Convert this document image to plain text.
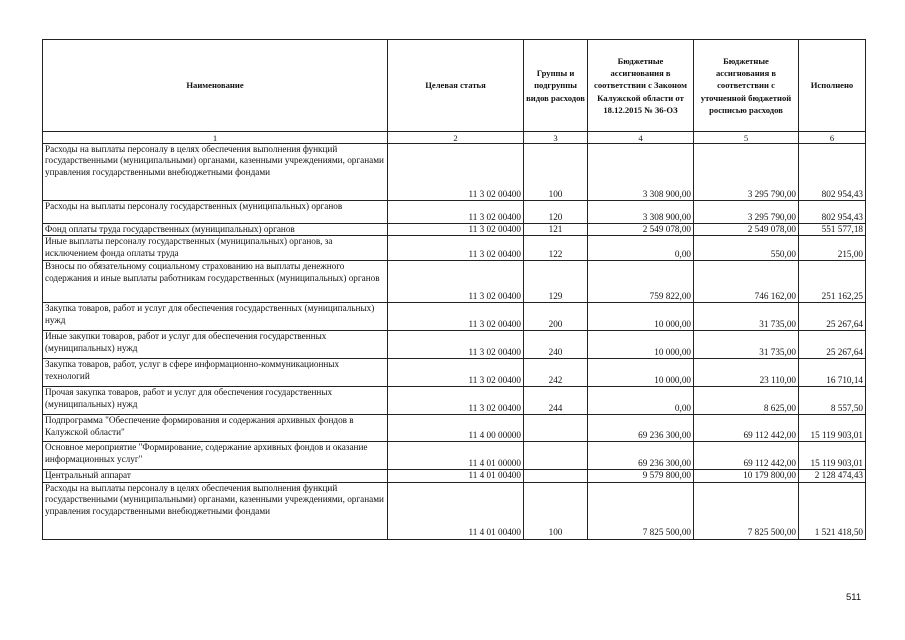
Наименование	Целевая статья	Группы и подгруппы видов расходов	Бюджетные ассигнования в соответствии с Законом Калужской области от 18.12.2015 № 36-ОЗ	Бюджетные ассигнования в соответствии с уточненной бюджетной росписью расходов	Исполнено
1	2	3	4	5	6
Расходы на выплаты персоналу в целях обеспечения выполнения функций государственными (муниципальными) органами, казенными учреждениями, органами управления государственными внебюджетными фондами	11 3 02 00400	100	3 308 900,00	3 295 790,00	802 954,43
Расходы на выплаты персоналу государственных (муниципальных) органов	11 3 02 00400	120	3 308 900,00	3 295 790,00	802 954,43
Фонд оплаты труда государственных (муниципальных) органов	11 3 02 00400	121	2 549 078,00	2 549 078,00	551 577,18
Иные выплаты персоналу государственных (муниципальных) органов, за исключением фонда оплаты труда	11 3 02 00400	122	0,00	550,00	215,00
Взносы по обязательному социальному страхованию на выплаты денежного содержания и иные выплаты работникам государственных (муниципальных) органов	11 3 02 00400	129	759 822,00	746 162,00	251 162,25
Закупка товаров, работ и услуг для обеспечения государственных (муниципальных) нужд	11 3 02 00400	200	10 000,00	31 735,00	25 267,64
Иные закупки товаров, работ и услуг для обеспечения государственных (муниципальных) нужд	11 3 02 00400	240	10 000,00	31 735,00	25 267,64
Закупка товаров, работ, услуг в сфере информационно-коммуникационных технологий	11 3 02 00400	242	10 000,00	23 110,00	16 710,14
Прочая закупка товаров, работ и услуг для обеспечения государственных (муниципальных) нужд	11 3 02 00400	244	0,00	8 625,00	8 557,50
Подпрограмма "Обеспечение формирования и содержания архивных фондов в Калужской области"	11 4 00 00000		69 236 300,00	69 112 442,00	15 119 903,01
Основное мероприятие "Формирование, содержание архивных фондов и оказание информационных услуг"	11 4 01 00000		69 236 300,00	69 112 442,00	15 119 903,01
Центральный аппарат	11 4 01 00400		9 579 800,00	10 179 800,00	2 128 474,43
Расходы на выплаты персоналу в целях обеспечения выполнения функций государственными (муниципальными) органами, казенными учреждениями, органами управления государственными внебюджетными фондами	11 4 01 00400	100	7 825 500,00	7 825 500,00	1 521 418,50
511
